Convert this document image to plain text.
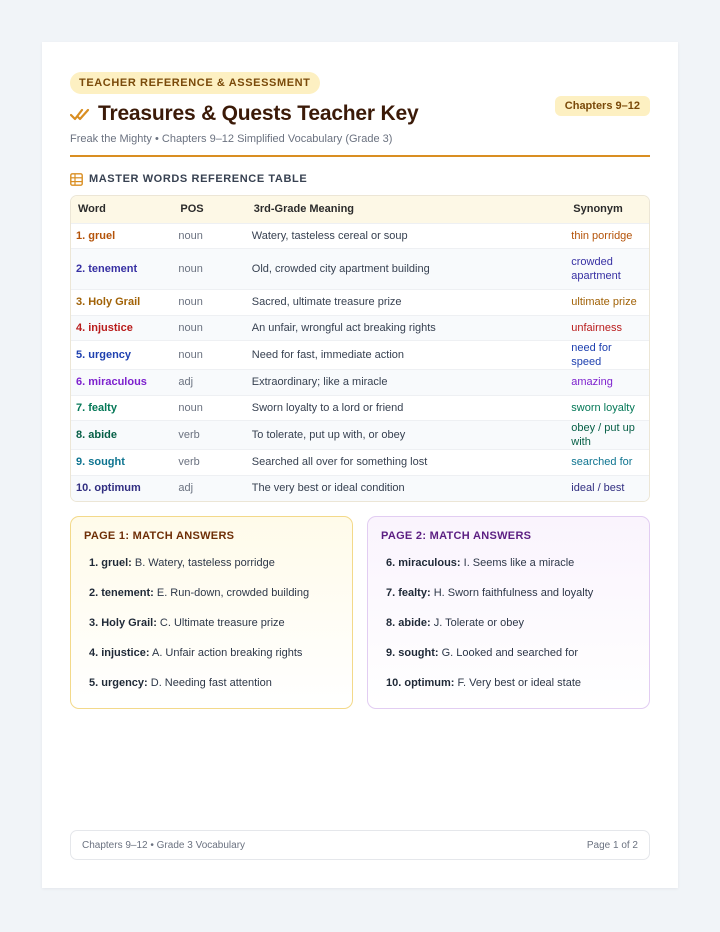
TEACHER REFERENCE & ASSESSMENT
Chapters 9–12
Treasures & Quests Teacher Key
Freak the Mighty • Chapters 9–12 Simplified Vocabulary (Grade 3)
MASTER WORDS REFERENCE TABLE
Word	POS	3rd-Grade Meaning	Synonym
1. gruel	noun	Watery, tasteless cereal or soup	thin porridge
2. tenement	noun	Old, crowded city apartment building	crowded apartment
3. Holy Grail	noun	Sacred, ultimate treasure prize	ultimate prize
4. injustice	noun	An unfair, wrongful act breaking rights	unfairness
5. urgency	noun	Need for fast, immediate action	need for speed
6. miraculous	adj	Extraordinary; like a miracle	amazing
7. fealty	noun	Sworn loyalty to a lord or friend	sworn loyalty
8. abide	verb	To tolerate, put up with, or obey	obey / put up with
9. sought	verb	Searched all over for something lost	searched for
10. optimum	adj	The very best or ideal condition	ideal / best
PAGE 1: MATCH ANSWERS
1. gruel: B. Watery, tasteless porridge
2. tenement: E. Run-down, crowded building
3. Holy Grail: C. Ultimate treasure prize
4. injustice: A. Unfair action breaking rights
5. urgency: D. Needing fast attention
PAGE 2: MATCH ANSWERS
6. miraculous: I. Seems like a miracle
7. fealty: H. Sworn faithfulness and loyalty
8. abide: J. Tolerate or obey
9. sought: G. Looked and searched for
10. optimum: F. Very best or ideal state
Chapters 9–12 • Grade 3 Vocabulary	Page 1 of 2
